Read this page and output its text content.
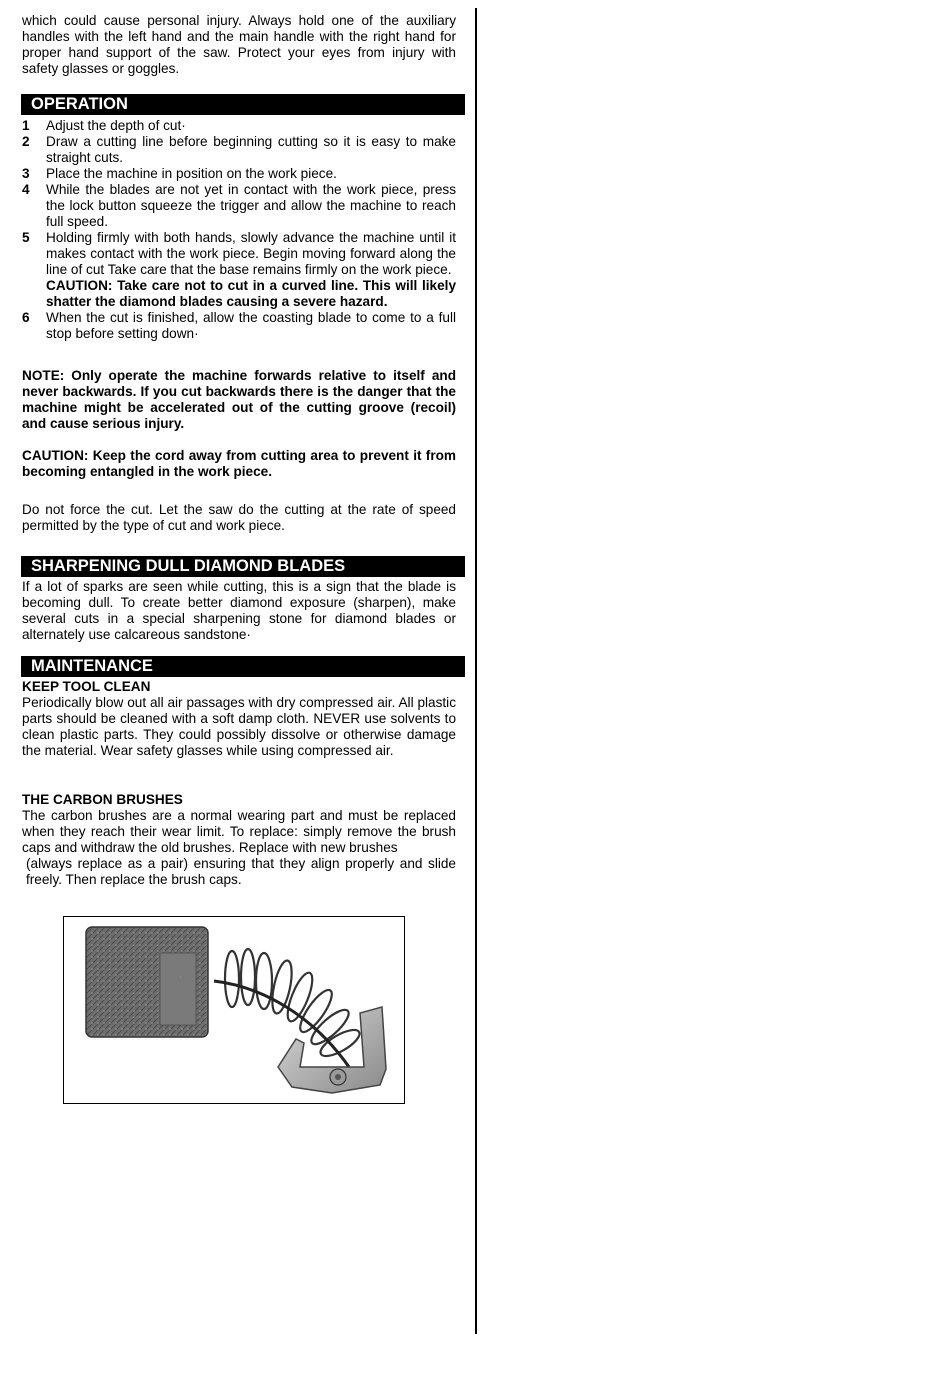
which could cause personal injury. Always hold one of the auxiliary handles with the left hand and the main handle with the right hand for proper hand support of the saw. Protect your eyes from injury with safety glasses or goggles.

OPERATION
1	Adjust the depth of cut·
2	Draw a cutting line before beginning cutting so it is easy to make straight cuts.
3	Place the machine in position on the work piece.
4	While the blades are not yet in contact with the work piece, press the lock button squeeze the trigger and allow the machine to reach full speed.
5	Holding firmly with both hands, slowly advance the machine until it makes contact with the work piece. Begin moving forward along the line of cut Take care that the base remains firmly on the work piece.
CAUTION: Take care not to cut in a curved line. This will likely shatter the diamond blades causing a severe hazard.
6	When the cut is finished, allow the coasting blade to come to a full stop before setting down·

NOTE: Only operate the machine forwards relative to itself and never backwards. If you cut backwards there is the danger that the machine might be accelerated out of the cutting groove (recoil) and cause serious injury.

CAUTION: Keep the cord away from cutting area to prevent it from becoming entangled in the work piece.

Do not force the cut. Let the saw do the cutting at the rate of speed permitted by the type of cut and work piece.

SHARPENING DULL DIAMOND BLADES

If a lot of sparks are seen while cutting, this is a sign that the blade is becoming dull. To create better diamond exposure (sharpen), make several cuts in a special sharpening stone for diamond blades or alternately use calcareous sandstone·

MAINTENANCE
KEEP TOOL CLEAN

Periodically blow out all air passages with dry compressed air. All plastic parts should be cleaned with a soft damp cloth. NEVER use solvents to clean plastic parts. They could possibly dissolve or otherwise damage the material. Wear safety glasses while using compressed air.

THE CARBON BRUSHES

The carbon brushes are a normal wearing part and must be replaced when they reach their wear limit. To replace: simply remove the brush caps and withdraw the old brushes. Replace with new brushes

(always replace as a pair) ensuring that they align properly and slide freely. Then replace the brush caps.

·
